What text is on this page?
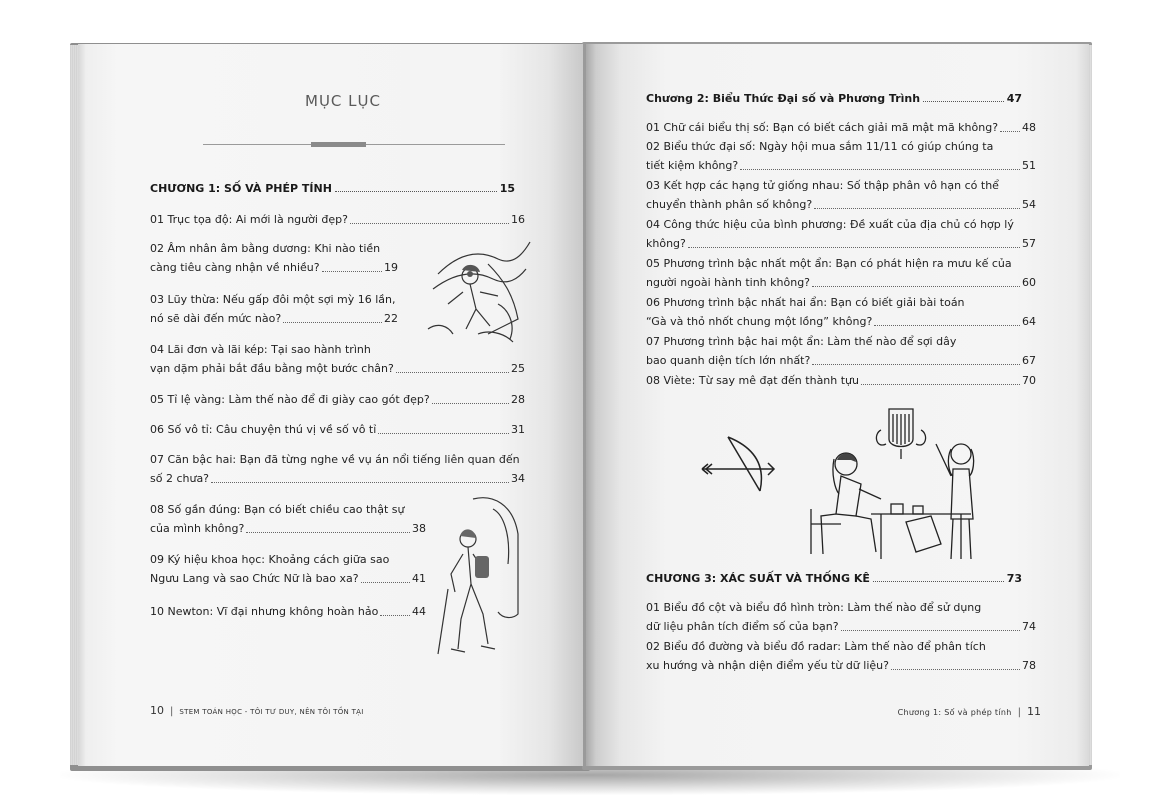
MỤC LỤC
CHƯƠNG 1: SỐ VÀ PHÉP TÍNH	15
01 Trục tọa độ: Ai mới là người đẹp?	16
02 Âm nhân âm bằng dương: Khi nào tiền
càng tiêu càng nhận về nhiều?	19
03 Lũy thừa: Nếu gấp đôi một sợi mỳ 16 lần,
nó sẽ dài đến mức nào?	22
04 Lãi đơn và lãi kép: Tại sao hành trình
vạn dặm phải bắt đầu bằng một bước chân?	25
05 Tỉ lệ vàng: Làm thế nào để đi giày cao gót đẹp?	28
06 Số vô tỉ: Câu chuyện thú vị về số vô tỉ	31
07 Căn bậc hai: Bạn đã từng nghe về vụ án nổi tiếng liên quan đến
số 2 chưa?	34
08 Số gần đúng: Bạn có biết chiều cao thật sự
của mình không?	38
09 Ký hiệu khoa học: Khoảng cách giữa sao
Ngưu Lang và sao Chức Nữ là bao xa?	41
10 Newton: Vĩ đại nhưng không hoàn hảo	44
10 | STEM TOÁN HỌC - TÔI TƯ DUY, NÊN TÔI TỒN TẠI
Chương 2: Biểu Thức Đại số và Phương Trình	47
01 Chữ cái biểu thị số: Bạn có biết cách giải mã mật mã không? 48
02 Biểu thức đại số: Ngày hội mua sắm 11/11 có giúp chúng ta
tiết kiệm không?	51
03 Kết hợp các hạng tử giống nhau: Số thập phân vô hạn có thể
chuyển thành phân số không?	54
04 Công thức hiệu của bình phương: Đề xuất của địa chủ có hợp lý
không?	57
05 Phương trình bậc nhất một ẩn: Bạn có phát hiện ra mưu kế của
người ngoài hành tinh không?	60
06 Phương trình bậc nhất hai ẩn: Bạn có biết giải bài toán
“Gà và thỏ nhốt chung một lồng” không?	64
07 Phương trình bậc hai một ẩn: Làm thế nào để sợi dây
bao quanh diện tích lớn nhất?	67
08 Viète: Từ say mê đạt đến thành tựu	70
CHƯƠNG 3: XÁC SUẤT VÀ THỐNG KÊ	73
01 Biểu đồ cột và biểu đồ hình tròn: Làm thế nào để sử dụng
dữ liệu phân tích điểm số của bạn?	74
02 Biểu đồ đường và biểu đồ radar: Làm thế nào để phân tích
xu hướng và nhận diện điểm yếu từ dữ liệu?	78
Chương 1: Số và phép tính | 11
